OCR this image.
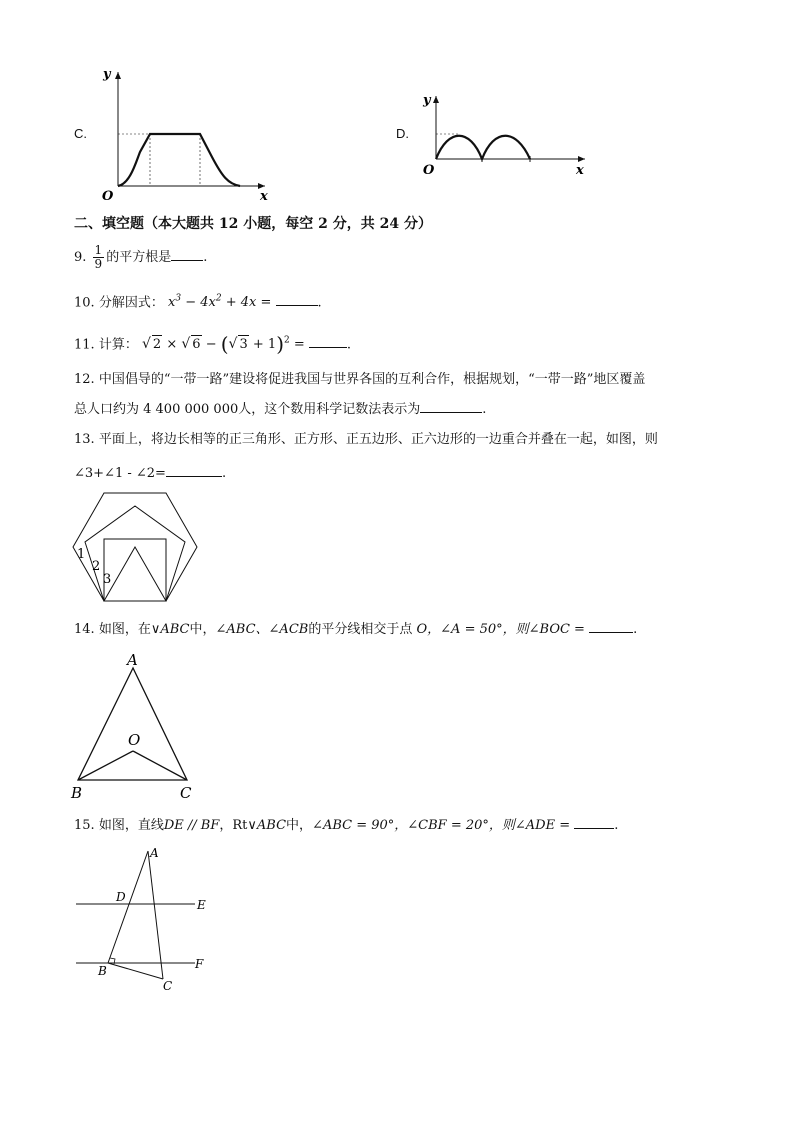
C.
y
x
O
D.
y
x
O
二、填空题（本大题共 12 小题，每空 2 分，共 24 分）
9. $\frac{1}{9}$ 的平方根是 .
10. 分解因式： $x^3 - 4x^2 + 4x$ =	.
11. 计算： √ 2 × √ 6 − (√ 3 + 1)$^2$ =	.
12. 中国倡导的“一带一路”建设将促进我国与世界各国的互利合作，根据规划，“一带一路”地区覆盖
总人口约为 4 400 000 000人，这个数用科学记数法表示为	.
13. 平面上，将边长相等的正三角形、正方形、正五边形、正六边形的一边重合并叠在一起，如图，则
∠3+∠1 - ∠2=	.
1
2
3
14. 如图，在∨ABC中，∠ABC、∠ACB的平分线相交于点 O，∠A = 50°，则∠BOC =	.
A
O
B	C
15. 如图，直线DE // BF，Rt∨ABC中，∠ABC = 90°，∠CBF = 20°，则∠ADE =	.
A
D
E
B	F
C
